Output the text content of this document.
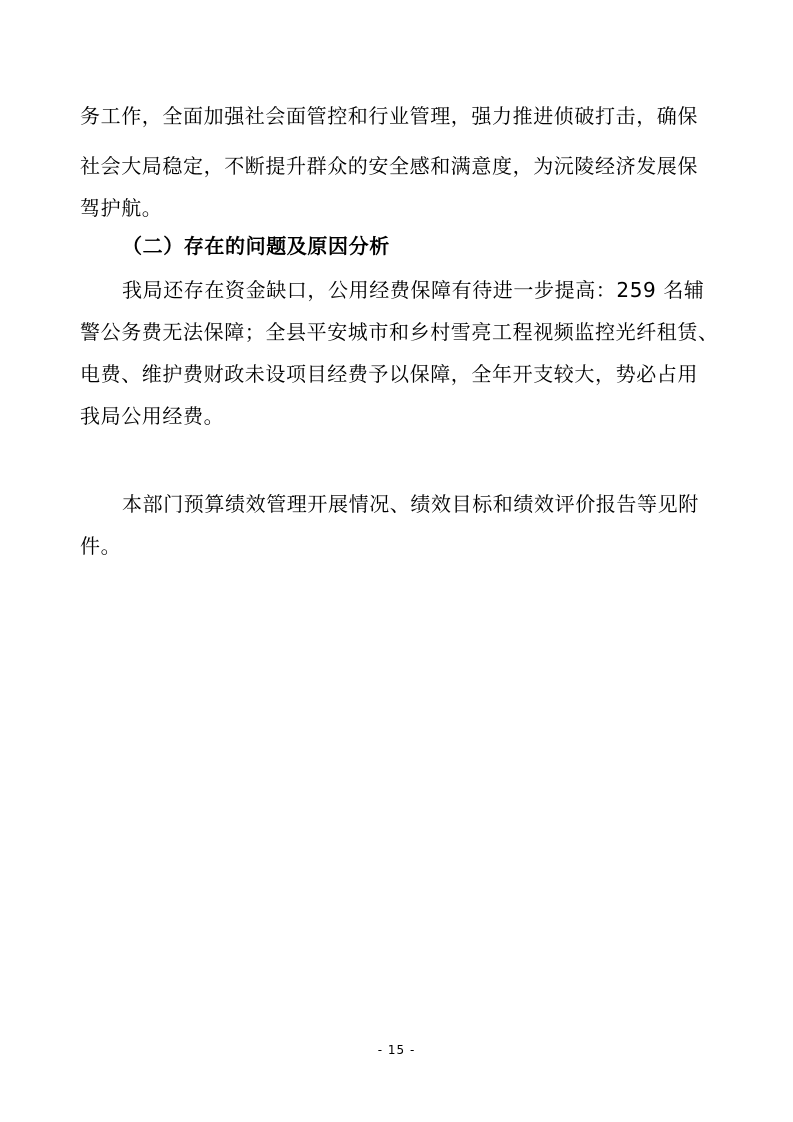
务工作，全面加强社会面管控和行业管理，强力推进侦破打击，确保
社会大局稳定，不断提升群众的安全感和满意度，为沅陵经济发展保
驾护航。
（二）存在的问题及原因分析
我局还存在资金缺口，公用经费保障有待进一步提高：259 名辅
警公务费无法保障；全县平安城市和乡村雪亮工程视频监控光纤租赁、
电费、维护费财政未设项目经费予以保障，全年开支较大，势必占用
我局公用经费。
本部门预算绩效管理开展情况、绩效目标和绩效评价报告等见附
件。
- 15 -
